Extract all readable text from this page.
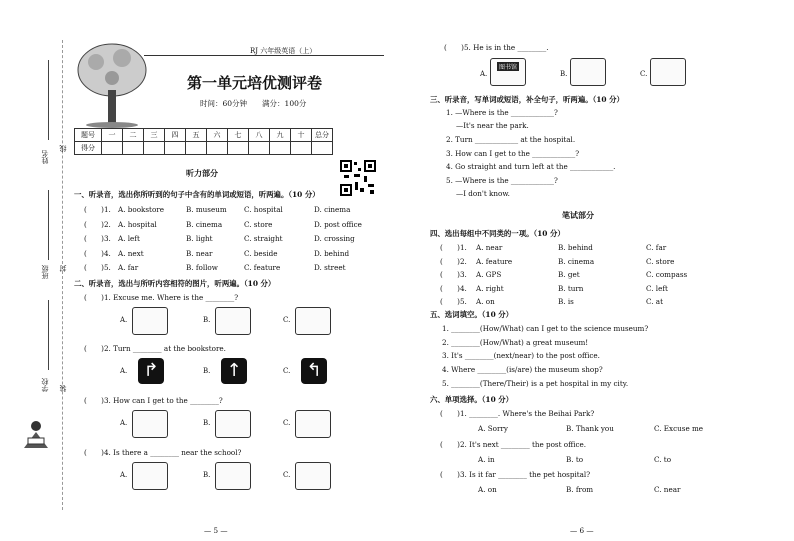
姓名
线
班级 封
学校 装
RJ 六年级英语（上）
第一单元培优测评卷
时间：60分钟　　满分：100分
题号	一	二	三	四	五	六	七	八	九	十	总分
得分											
听力部分
一、听录音，选出你所听到的句子中含有的单词或短语，听两遍。（10 分）
(　　)1. A. bookstore	B. museum C. hospital	D. cinema
(　　)2. A. hospital	B. cinema	C. store	D. post office
(　　)3. A. left	B. light	C. straight	D. crossing
(　　)4. A. next	B. near	C. beside	D. behind
(　　)5. A. far	B. follow	C. feature	D. street
二、听录音，选出与所听内容相符的图片，听两遍。（10 分）
(　　)1. Excuse me. Where is the ________?
A.	B.	C.
(　　)2. Turn ________ at the bookstore.
A. ↱	B. ↑	C. ↰
(　　)3. How can I get to the ________?
A.	B.	C.
(　　)4. Is there a ________ near the school?
A.	B.	C.
— 5 —
(　　)5. He is in the ________.
A.
图书馆
B.	C.
三、听录音，写单词或短语，补全句子，听两遍。（10 分）
1. —Where is the ____________?
—It's near the park.
2. Turn ____________ at the hospital.
3. How can I get to the ____________?
4. Go straight and turn left at the ____________.
5. —Where is the ____________?
—I don't know.
笔试部分
四、选出每组中不同类的一项。（10 分）
(　　)1. A. near	B. behind	C. far
(　　)2. A. feature	B. cinema	C. store
(　　)3. A. GPS	B. get	C. compass
(　　)4. A. right	B. turn	C. left
(　　)5. A. on	B. is	C. at
五、选词填空。（10 分）
1. ________(How/What) can I get to the science museum?
2. ________(How/What) a great museum!
3. It's ________(next/near) to the post office.
4. Where ________(is/are) the museum shop?
5. ________(There/Their) is a pet hospital in my city.
六、单项选择。（10 分）
(　　)1. ________. Where's the Beihai Park?
A. Sorry	B. Thank you	C. Excuse me
(　　)2. It's next ________ the post office.
A. in	B. to	C. to
(　　)3. Is it far ________ the pet hospital?
A. on	B. from	C. near
— 6 —
